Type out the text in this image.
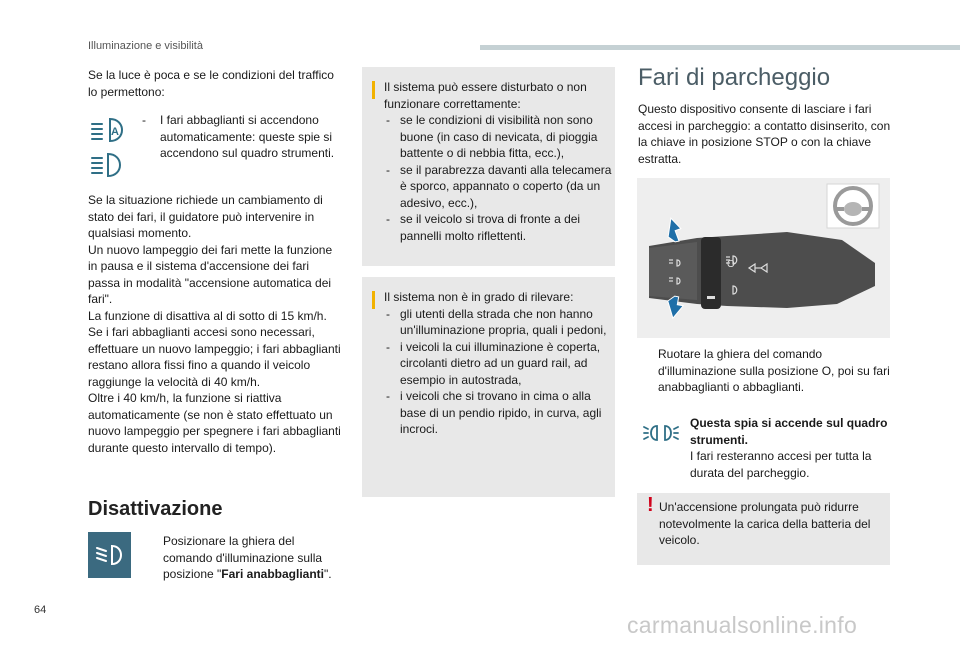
Illuminazione e visibilità

Se la luce è poca e se le condizioni del traffico lo permettono:

A
-	I fari abbaglianti si accendono automaticamente: queste spie si accendono sul quadro strumenti.

Se la situazione richiede un cambiamento di stato dei fari, il guidatore può intervenire in qualsiasi momento.

Un nuovo lampeggio dei fari mette la funzione in pausa e il sistema d'accensione dei fari passa in modalità "accensione automatica dei fari".

La funzione di disattiva al di sotto di 15 km/h.

Se i fari abbaglianti accesi sono necessari, effettuare un nuovo lampeggio; i fari abbaglianti restano allora fissi fino a quando il veicolo raggiunge la velocità di 40 km/h.

Oltre i 40 km/h, la funzione si riattiva automaticamente (se non è stato effettuato un nuovo lampeggio per spegnere i fari abbaglianti durante questo intervallo di tempo).

Disattivazione
Posizionare la ghiera del comando d'illuminazione sulla posizione "Fari anabbaglianti".
Il sistema può essere disturbato o non funzionare correttamente:
- se le condizioni di visibilità non sono buone (in caso di nevicata, di pioggia battente o di nebbia fitta, ecc.),
- se il parabrezza davanti alla telecamera è sporco, appannato o coperto (da un adesivo, ecc.),
- se il veicolo si trova di fronte a dei pannelli molto riflettenti.
Il sistema non è in grado di rilevare:
- gli utenti della strada che non hanno un'illuminazione propria, quali i pedoni,
- i veicoli la cui illuminazione è coperta, circolanti dietro ad un guard rail, ad esempio in autostrada,
- i veicoli che si trovano in cima o alla base di un pendio ripido, in curva, agli incroci.
Fari di parcheggio

Questo dispositivo consente di lasciare i fari accesi in parcheggio: a contatto disinserito, con la chiave in posizione STOP o con la chiave estratta.

O
Ruotare la ghiera del comando d'illuminazione sulla posizione O, poi su fari anabbaglianti o abbaglianti.
Questa spia si accende sul quadro strumenti.
I fari resteranno accesi per tutta la durata del parcheggio.
! Un'accensione prolungata può ridurre notevolmente la carica della batteria del veicolo.
64
carmanualsonline.info
